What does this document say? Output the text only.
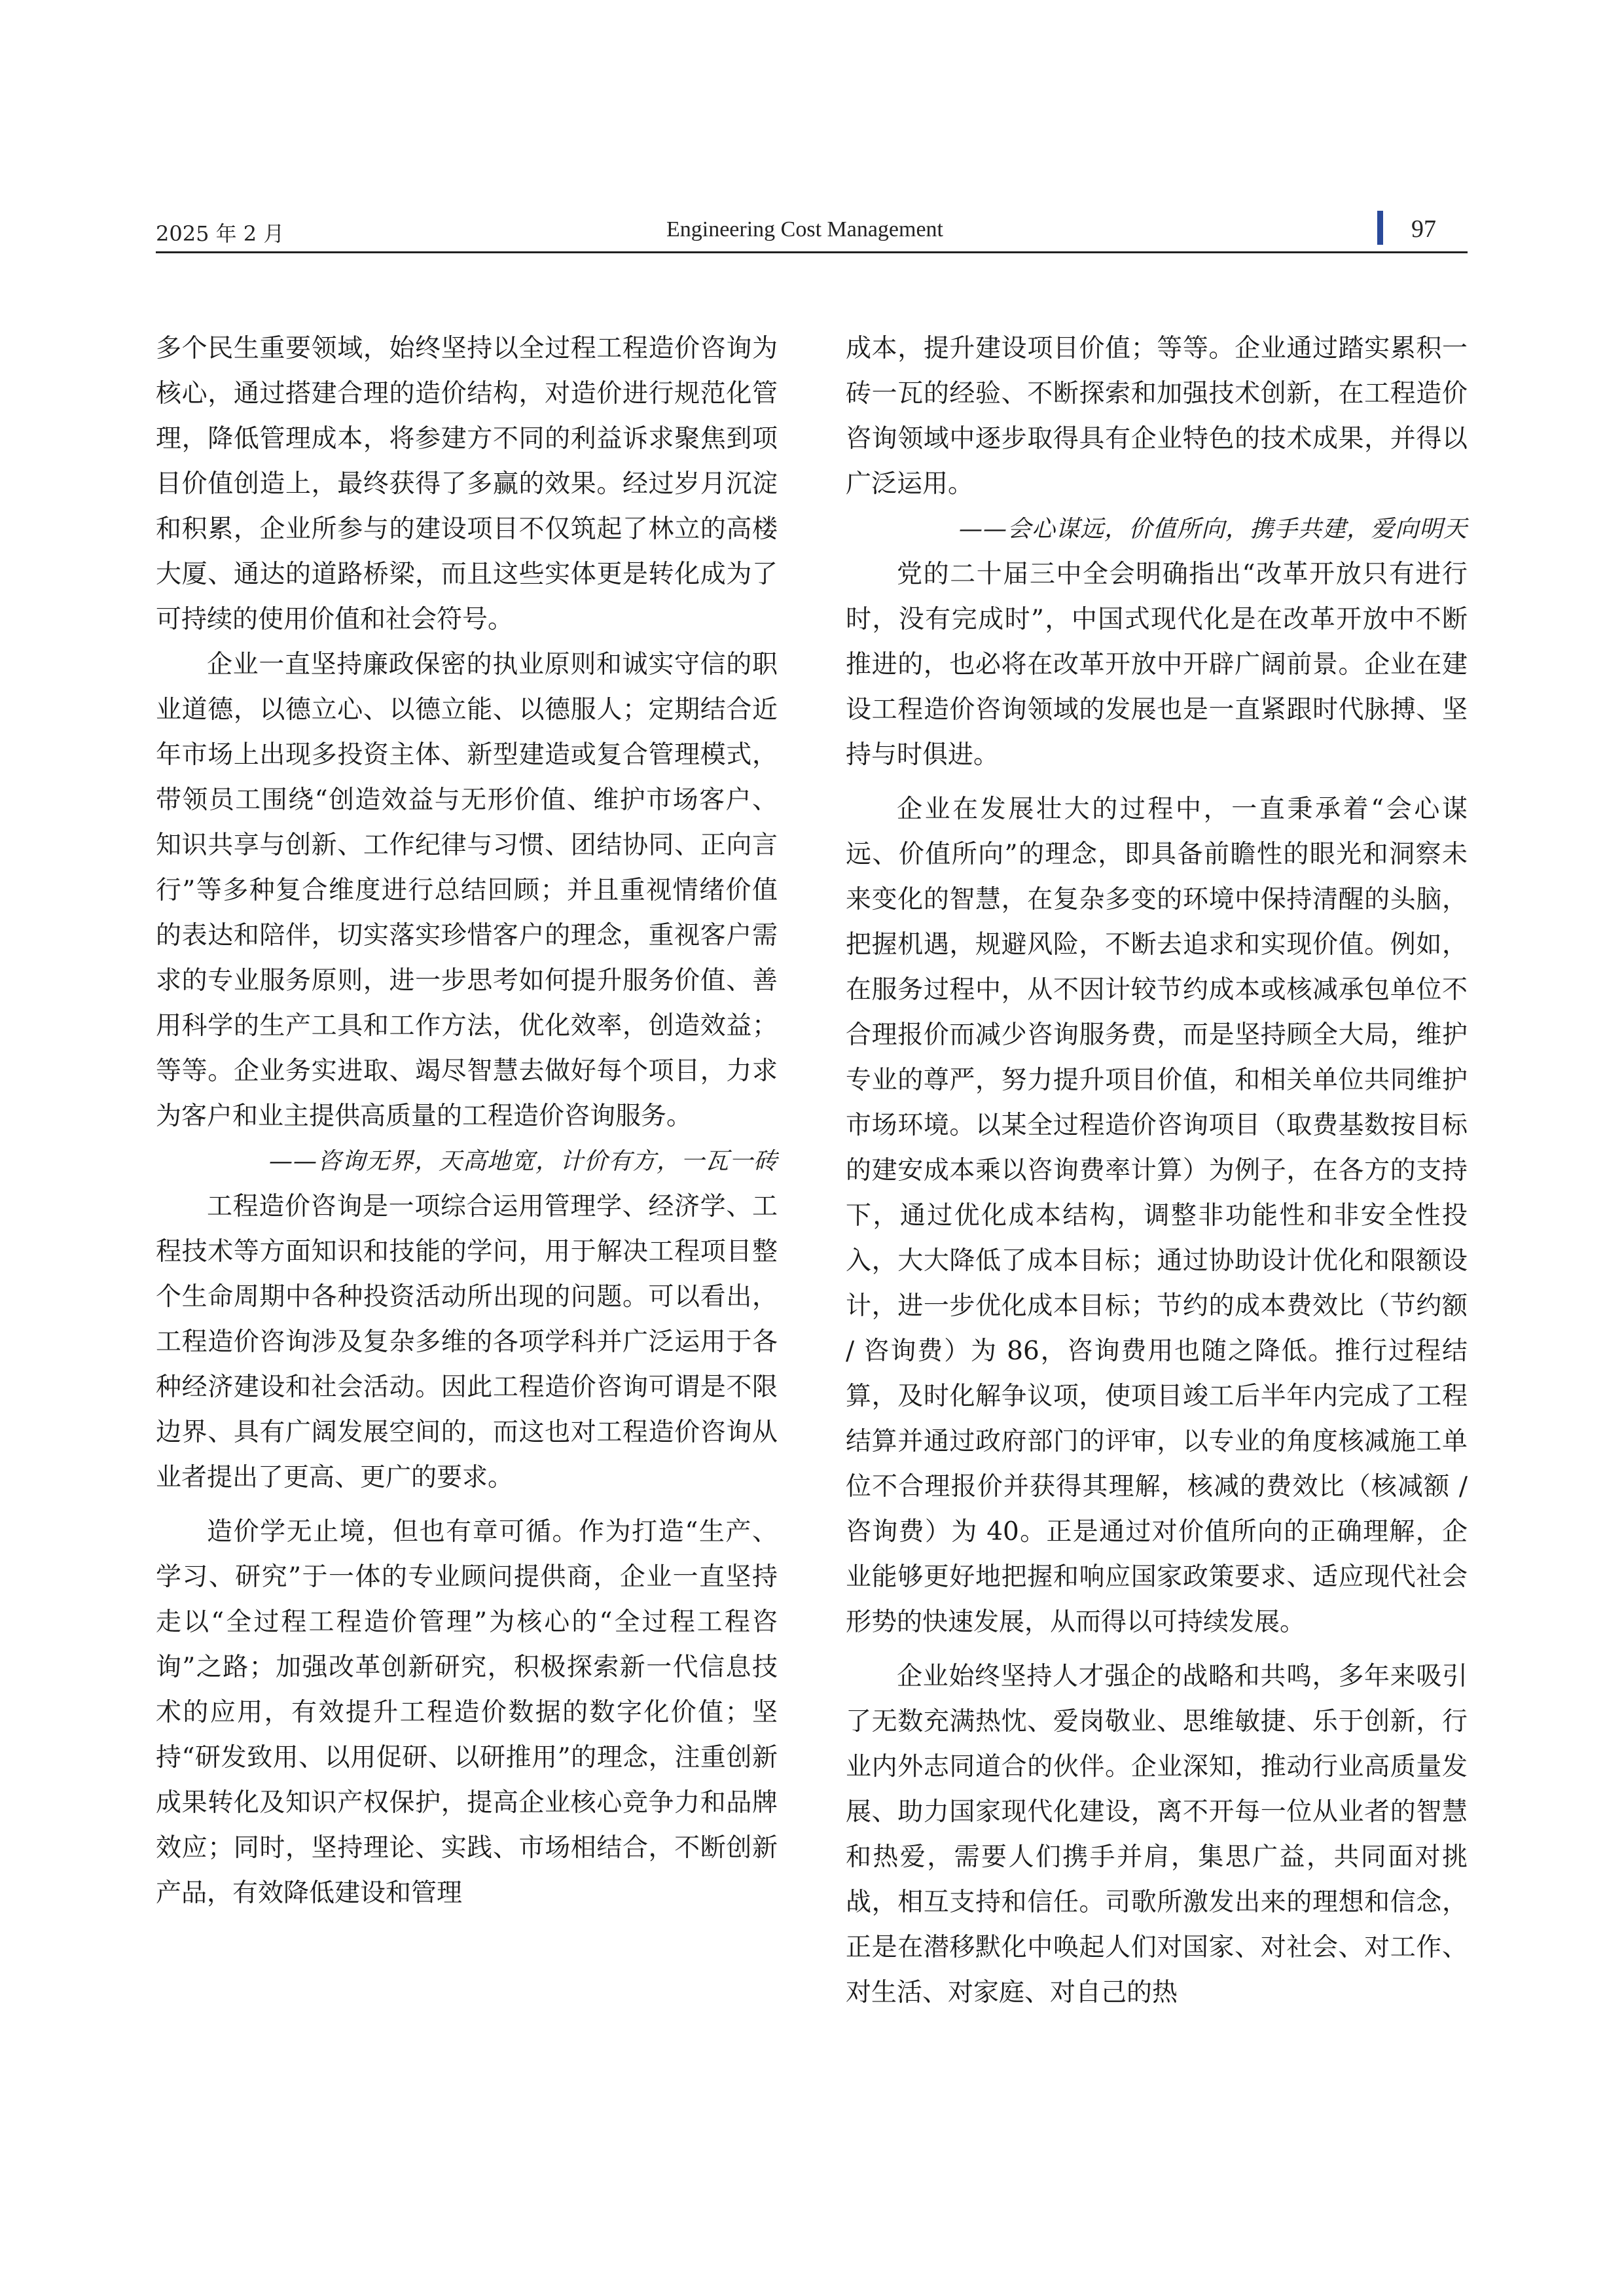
2025 年 2 月	Engineering Cost Management	97

多个民生重要领域，始终坚持以全过程工程造价咨询为核心，通过搭建合理的造价结构，对造价进行规范化管理，降低管理成本，将参建方不同的利益诉求聚焦到项目价值创造上，最终获得了多赢的效果。经过岁月沉淀和积累，企业所参与的建设项目不仅筑起了林立的高楼大厦、通达的道路桥梁，而且这些实体更是转化成为了可持续的使用价值和社会符号。

企业一直坚持廉政保密的执业原则和诚实守信的职业道德，以德立心、以德立能、以德服人；定期结合近年市场上出现多投资主体、新型建造或复合管理模式，带领员工围绕“创造效益与无形价值、维护市场客户、知识共享与创新、工作纪律与习惯、团结协同、正向言行”等多种复合维度进行总结回顾；并且重视情绪价值的表达和陪伴，切实落实珍惜客户的理念，重视客户需求的专业服务原则，进一步思考如何提升服务价值、善用科学的生产工具和工作方法，优化效率，创造效益；等等。企业务实进取、竭尽智慧去做好每个项目，力求为客户和业主提供高质量的工程造价咨询服务。

——咨询无界，天高地宽，计价有方，一瓦一砖

工程造价咨询是一项综合运用管理学、经济学、工程技术等方面知识和技能的学问，用于解决工程项目整个生命周期中各种投资活动所出现的问题。可以看出，工程造价咨询涉及复杂多维的各项学科并广泛运用于各种经济建设和社会活动。因此工程造价咨询可谓是不限边界、具有广阔发展空间的，而这也对工程造价咨询从业者提出了更高、更广的要求。

造价学无止境，但也有章可循。作为打造“生产、学习、研究”于一体的专业顾问提供商，企业一直坚持走以“全过程工程造价管理”为核心的“全过程工程咨询”之路；加强改革创新研究，积极探索新一代信息技术的应用，有效提升工程造价数据的数字化价值；坚持“研发致用、以用促研、以研推用”的理念，注重创新成果转化及知识产权保护，提高企业核心竞争力和品牌效应；同时，坚持理论、实践、市场相结合，不断创新产品，有效降低建设和管理

成本，提升建设项目价值；等等。企业通过踏实累积一砖一瓦的经验、不断探索和加强技术创新，在工程造价咨询领域中逐步取得具有企业特色的技术成果，并得以广泛运用。

——会心谋远，价值所向，携手共建，爱向明天

党的二十届三中全会明确指出“改革开放只有进行时，没有完成时”，中国式现代化是在改革开放中不断推进的，也必将在改革开放中开辟广阔前景。企业在建设工程造价咨询领域的发展也是一直紧跟时代脉搏、坚持与时俱进。

企业在发展壮大的过程中，一直秉承着“会心谋远、价值所向”的理念，即具备前瞻性的眼光和洞察未来变化的智慧，在复杂多变的环境中保持清醒的头脑，把握机遇，规避风险，不断去追求和实现价值。例如，在服务过程中，从不因计较节约成本或核减承包单位不合理报价而减少咨询服务费，而是坚持顾全大局，维护专业的尊严，努力提升项目价值，和相关单位共同维护市场环境。以某全过程造价咨询项目（取费基数按目标的建安成本乘以咨询费率计算）为例子，在各方的支持下，通过优化成本结构，调整非功能性和非安全性投入，大大降低了成本目标；通过协助设计优化和限额设计，进一步优化成本目标；节约的成本费效比（节约额 / 咨询费）为 86，咨询费用也随之降低。推行过程结算，及时化解争议项，使项目竣工后半年内完成了工程结算并通过政府部门的评审，以专业的角度核减施工单位不合理报价并获得其理解，核减的费效比（核减额 / 咨询费）为 40。正是通过对价值所向的正确理解，企业能够更好地把握和响应国家政策要求、适应现代社会形势的快速发展，从而得以可持续发展。

企业始终坚持人才强企的战略和共鸣，多年来吸引了无数充满热忱、爱岗敬业、思维敏捷、乐于创新，行业内外志同道合的伙伴。企业深知，推动行业高质量发展、助力国家现代化建设，离不开每一位从业者的智慧和热爱，需要人们携手并肩，集思广益，共同面对挑战，相互支持和信任。司歌所激发出来的理想和信念，正是在潜移默化中唤起人们对国家、对社会、对工作、对生活、对家庭、对自己的热
